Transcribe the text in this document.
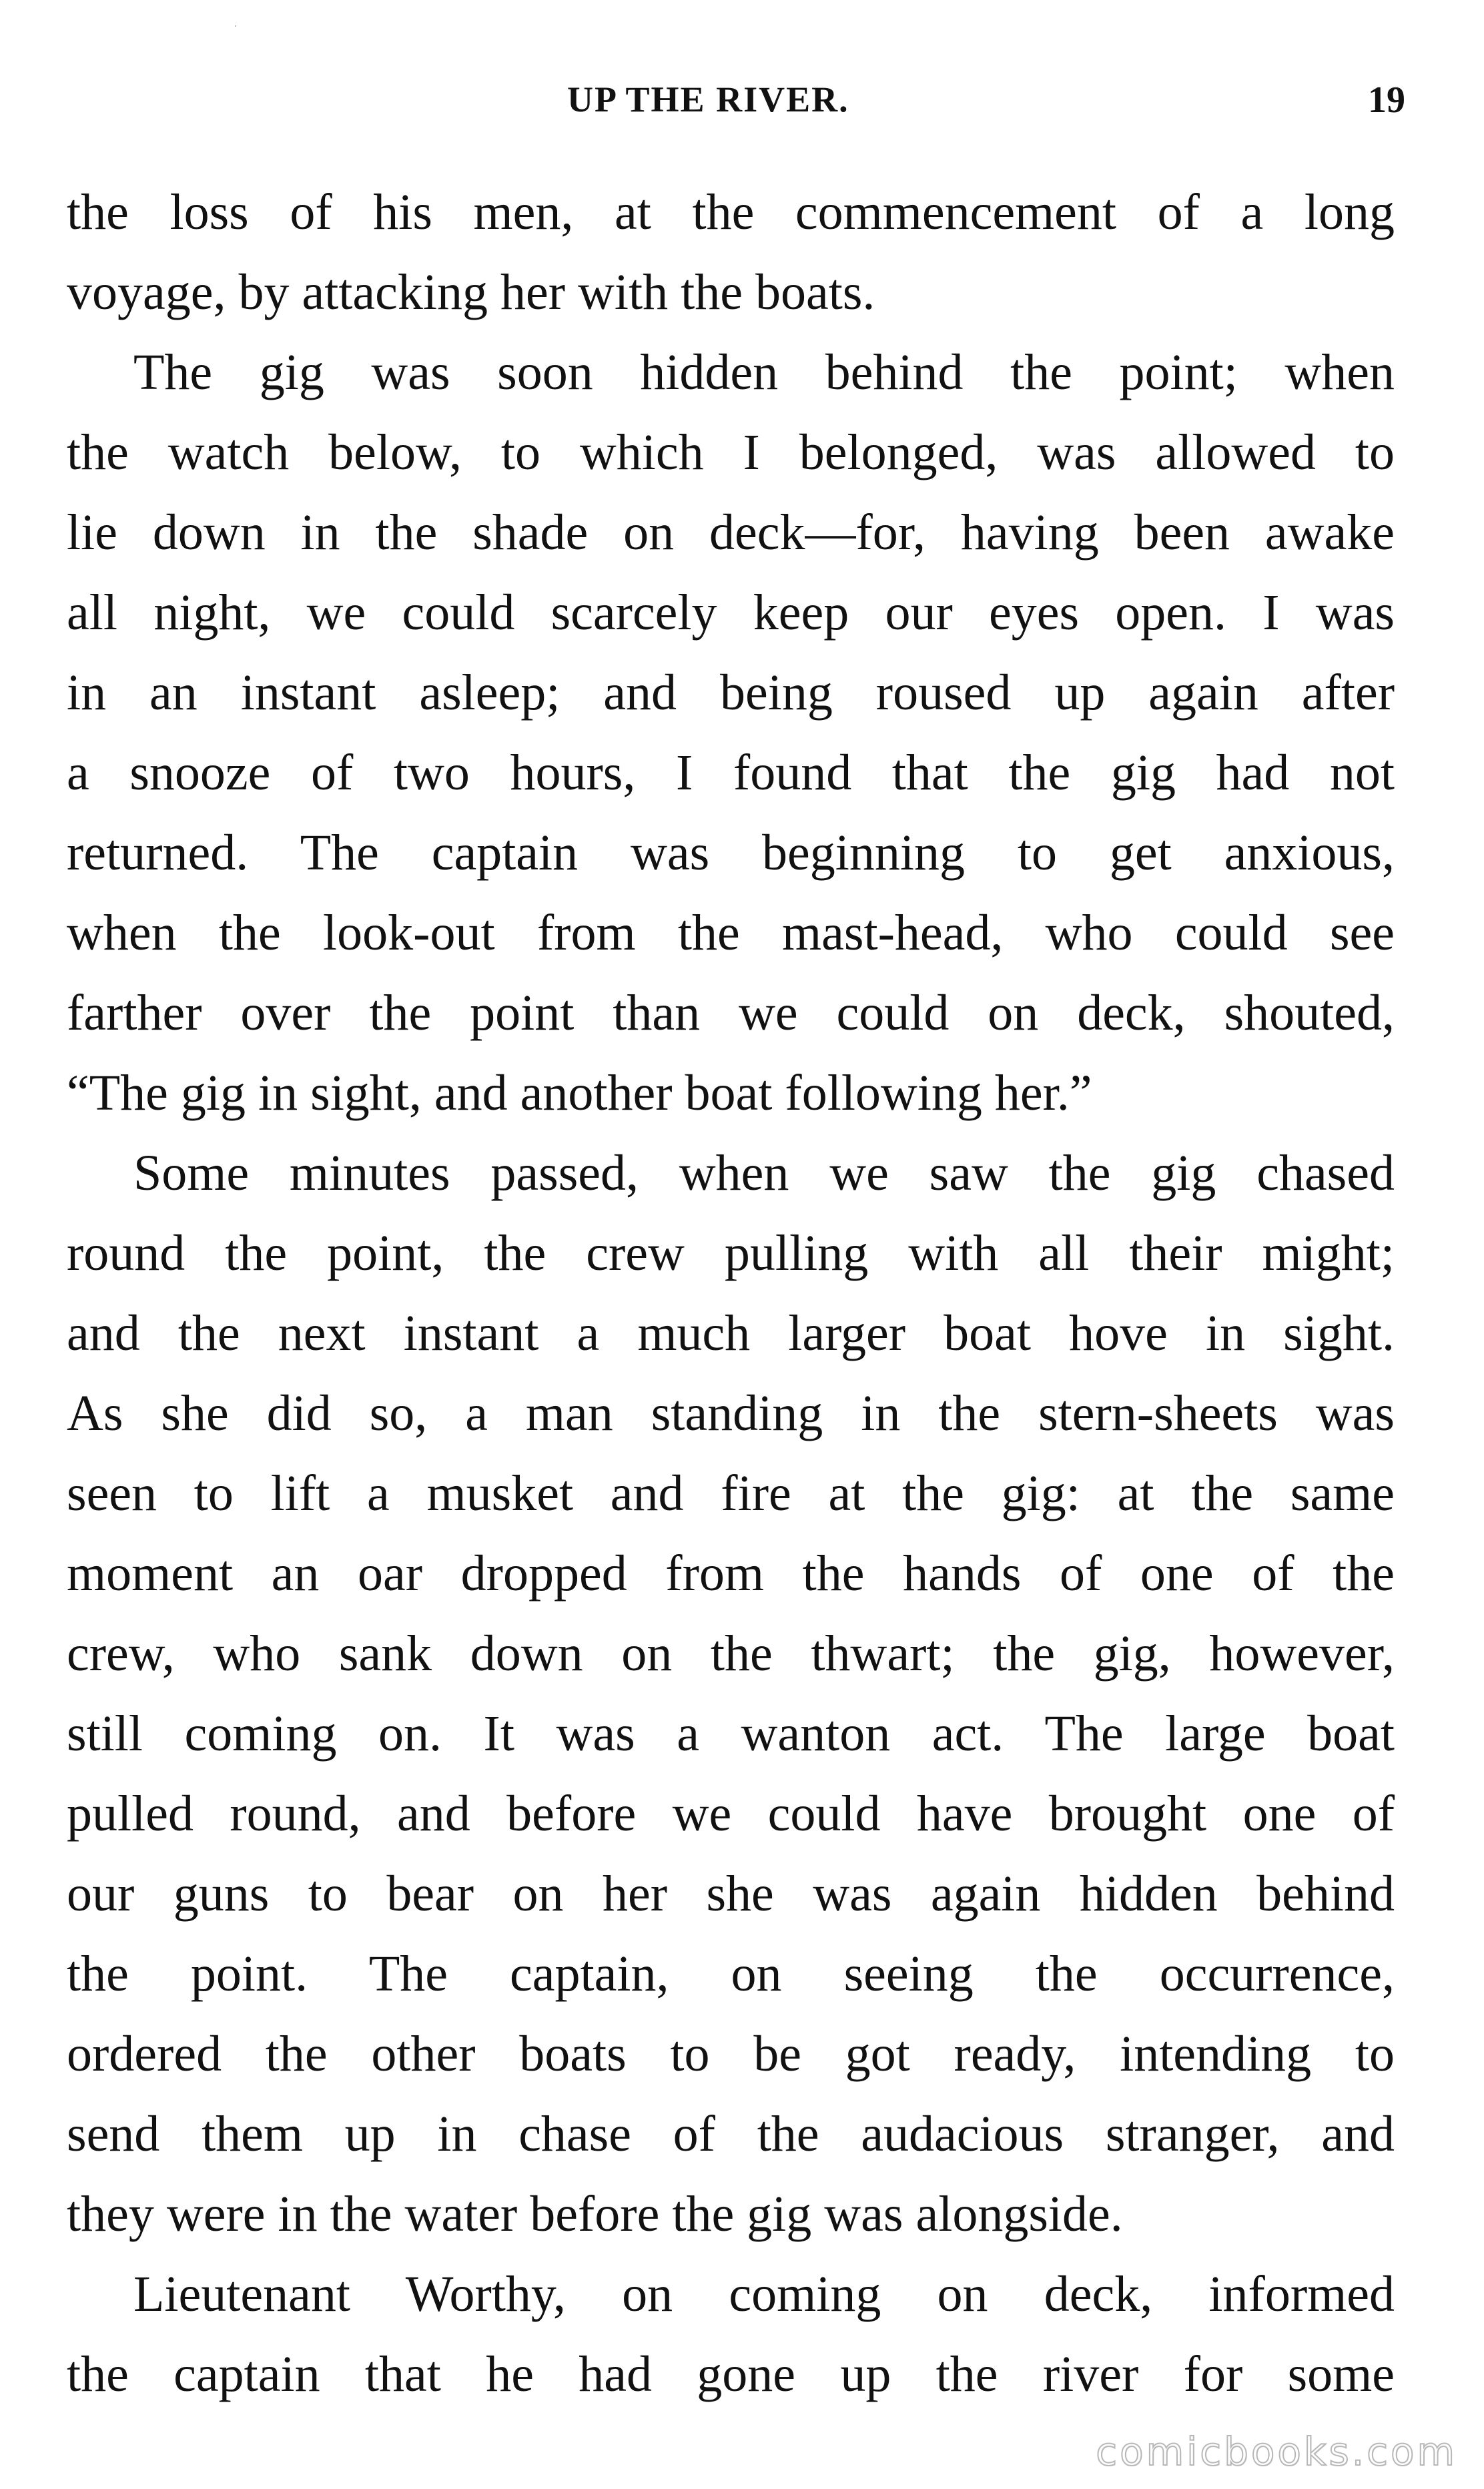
UP THE RIVER.	19
the loss of his men, at the commencement of a long
voyage, by attacking her with the boats.
The gig was soon hidden behind the point; when
the watch below, to which I belonged, was allowed to
lie down in the shade on deck—for, having been awake
all night, we could scarcely keep our eyes open. I was
in an instant asleep; and being roused up again after
a snooze of two hours, I found that the gig had not
returned. The captain was beginning to get anxious,
when the look-out from the mast-head, who could see
farther over the point than we could on deck, shouted,
“The gig in sight, and another boat following her.”
Some minutes passed, when we saw the gig chased
round the point, the crew pulling with all their might;
and the next instant a much larger boat hove in sight.
As she did so, a man standing in the stern-sheets was
seen to lift a musket and fire at the gig: at the same
moment an oar dropped from the hands of one of the
crew, who sank down on the thwart; the gig, however,
still coming on. It was a wanton act. The large boat
pulled round, and before we could have brought one of
our guns to bear on her she was again hidden behind
the point. The captain, on seeing the occurrence,
ordered the other boats to be got ready, intending to
send them up in chase of the audacious stranger, and
they were in the water before the gig was alongside.
Lieutenant Worthy, on coming on deck, informed
the captain that he had gone up the river for some
comicbooks.com
